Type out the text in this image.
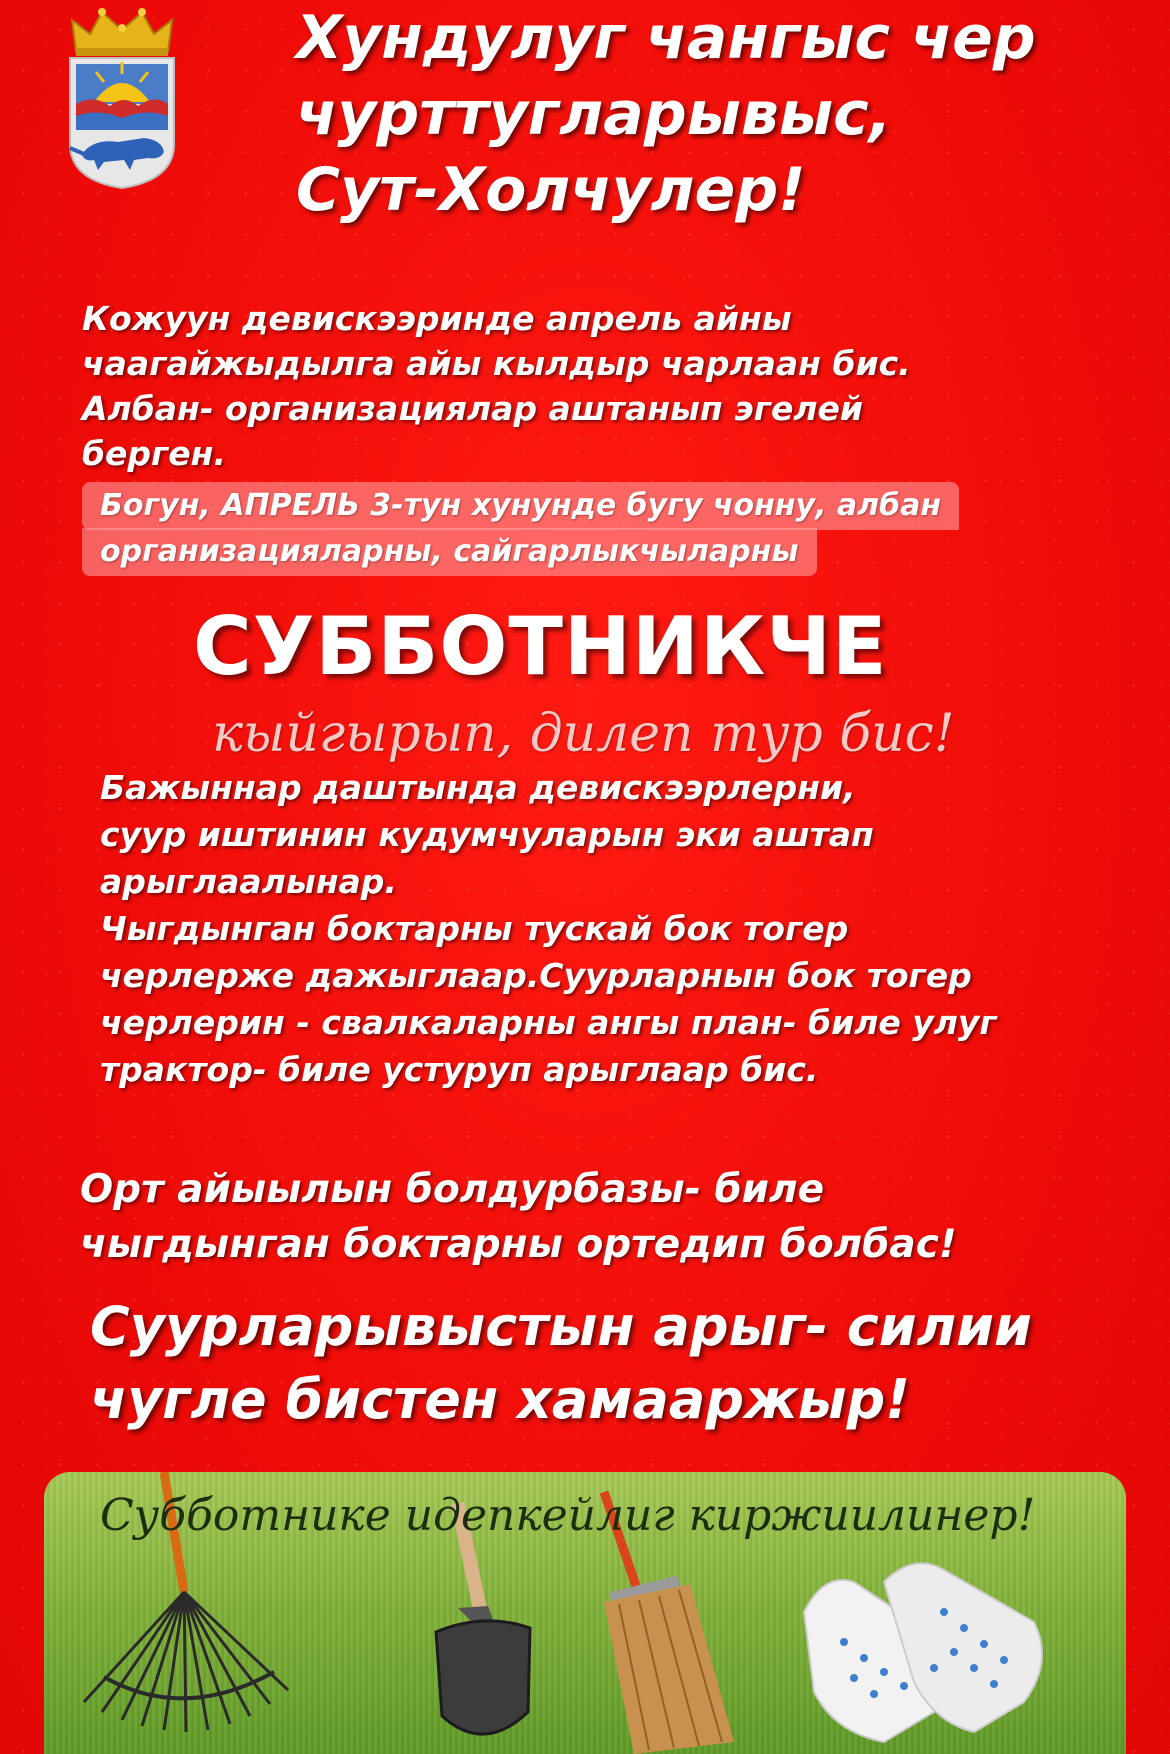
Хундулуг чангыс чер
чурттугларывыс,
Сут-Холчулер!

Кожуун девискээринде апрель айны
чаагайжыдылга айы кылдыр чарлаан бис.
Албан- организациялар аштанып эгелей
берген.

Богун, АПРЕЛЬ 3-тун хунунде бугу чонну, албан
организацияларны, сайгарлыкчыларны
СУББОТНИКЧЕ

кыйгырып, дилеп тур бис!

Бажыннар даштында девискээрлерни,
суур иштинин кудумчуларын эки аштап
арыглаалынар.
Чыгдынган боктарны тускай бок тогер
черлерже дажыглаар.Суурларнын бок тогер
черлерин - свалкаларны ангы план- биле улуг
трактор- биле устуруп арыглаар бис.

Орт айыылын болдурбазы- биле
чыгдынган боктарны ортедип болбас!

Суурларывыстын арыг- силии
чугле бистен хамааржыр!

Субботнике идепкейлиг киржиилинер!
